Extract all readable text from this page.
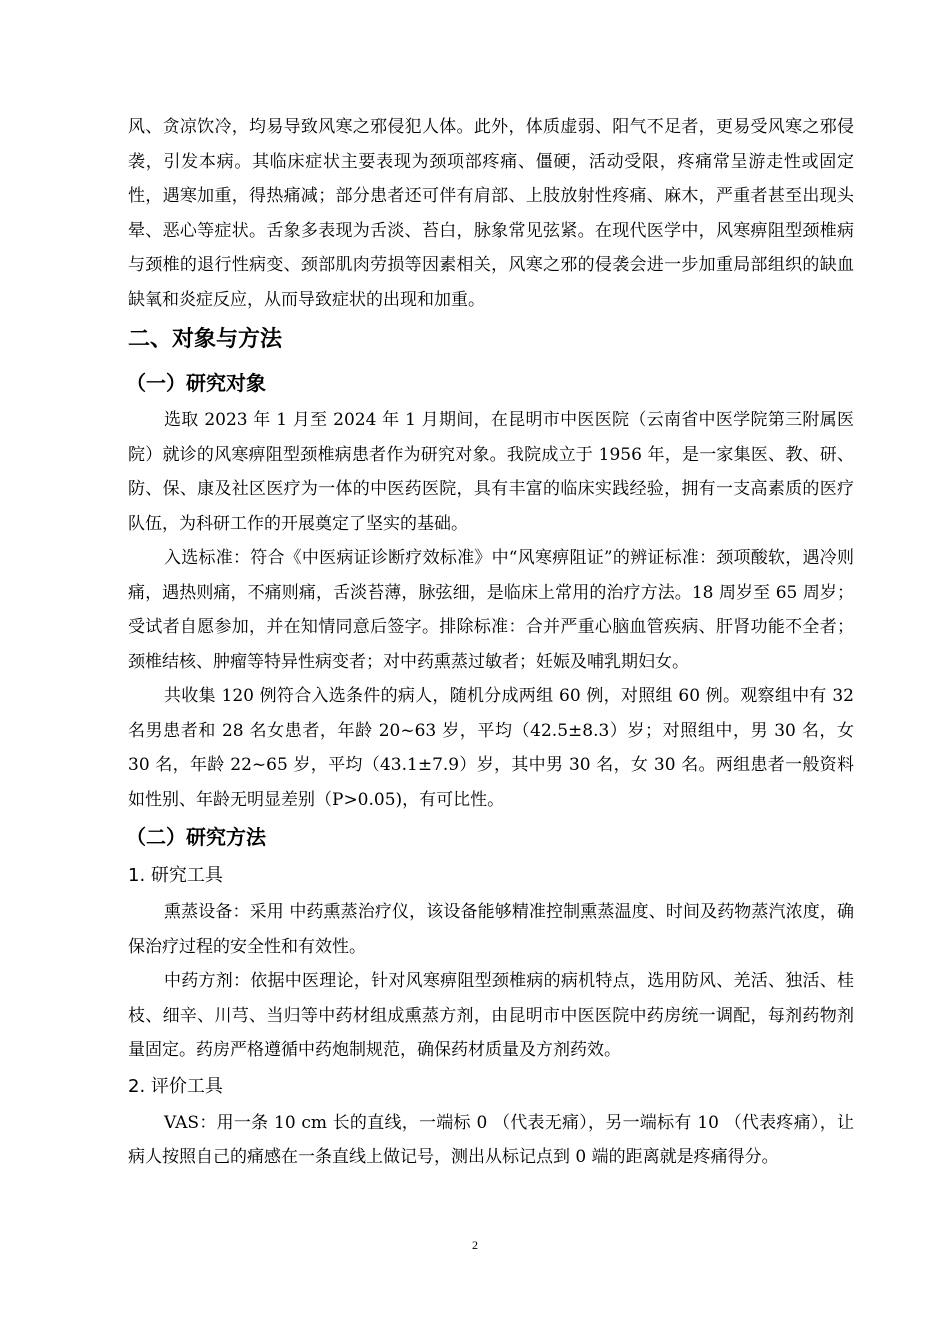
风、贪凉饮冷，均易导致风寒之邪侵犯人体。此外，体质虚弱、阳气不足者，更易受风寒之邪侵袭，引发本病。其临床症状主要表现为颈项部疼痛、僵硬，活动受限，疼痛常呈游走性或固定性，遇寒加重，得热痛减；部分患者还可伴有肩部、上肢放射性疼痛、麻木，严重者甚至出现头晕、恶心等症状。舌象多表现为舌淡、苔白，脉象常见弦紧。在现代医学中，风寒痹阻型颈椎病与颈椎的退行性病变、颈部肌肉劳损等因素相关，风寒之邪的侵袭会进一步加重局部组织的缺血缺氧和炎症反应，从而导致症状的出现和加重。

二、对象与方法
（一）研究对象

选取 2023 年 1 月至 2024 年 1 月期间，在昆明市中医医院（云南省中医学院第三附属医院）就诊的风寒痹阻型颈椎病患者作为研究对象。我院成立于 1956 年，是一家集医、教、研、防、保、康及社区医疗为一体的中医药医院，具有丰富的临床实践经验，拥有一支高素质的医疗队伍，为科研工作的开展奠定了坚实的基础。

入选标准：符合《中医病证诊断疗效标准》中“风寒痹阻证”的辨证标准：颈项酸软，遇冷则痛，遇热则痛，不痛则痛，舌淡苔薄，脉弦细，是临床上常用的治疗方法。18 周岁至 65 周岁；受试者自愿参加，并在知情同意后签字。排除标准：合并严重心脑血管疾病、肝肾功能不全者；颈椎结核、肿瘤等特异性病变者；对中药熏蒸过敏者；妊娠及哺乳期妇女。

共收集 120 例符合入选条件的病人，随机分成两组 60 例，对照组 60 例。观察组中有 32 名男患者和 28 名女患者，年龄 20~63 岁，平均（42.5±8.3）岁；对照组中，男 30 名，女 30 名，年龄 22~65 岁，平均（43.1±7.9）岁，其中男 30 名，女 30 名。两组患者一般资料如性别、年龄无明显差别（P>0.05)，有可比性。

（二）研究方法
1. 研究工具

熏蒸设备：采用 中药熏蒸治疗仪，该设备能够精准控制熏蒸温度、时间及药物蒸汽浓度，确保治疗过程的安全性和有效性。

中药方剂：依据中医理论，针对风寒痹阻型颈椎病的病机特点，选用防风、羌活、独活、桂枝、细辛、川芎、当归等中药材组成熏蒸方剂，由昆明市中医医院中药房统一调配，每剂药物剂量固定。药房严格遵循中药炮制规范，确保药材质量及方剂药效。

2. 评价工具

VAS：用一条 10 cm 长的直线，一端标 0 （代表无痛），另一端标有 10 （代表疼痛），让病人按照自己的痛感在一条直线上做记号，测出从标记点到 0 端的距离就是疼痛得分。

2
